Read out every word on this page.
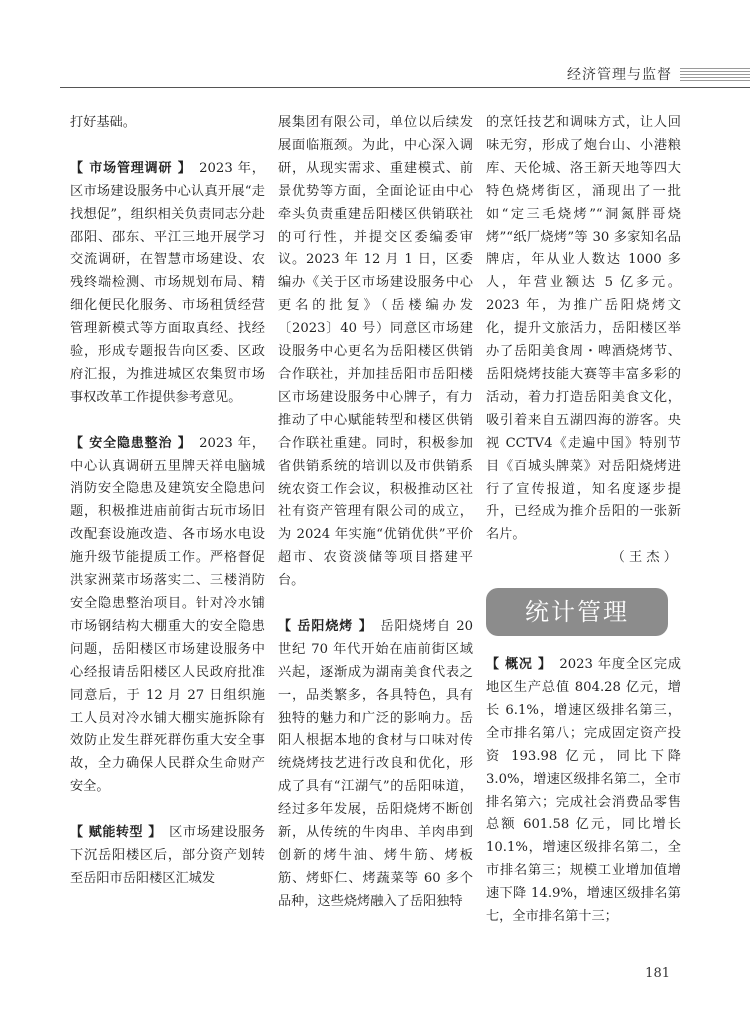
经济管理与监督

打好基础。

【 市场管理调研 】　 2023 年，区市场建设服务中心认真开展“走找想促”，组织相关负责同志分赴邵阳、邵东、平江三地开展学习交流调研，在智慧市场建设、农残终端检测、市场规划布局、精细化便民化服务、市场租赁经营管理新模式等方面取真经、找经验，形成专题报告向区委、区政府汇报，为推进城区农集贸市场事权改革工作提供参考意见。

【 安全隐患整治 】　 2023 年，中心认真调研五里牌天祥电脑城消防安全隐患及建筑安全隐患问题，积极推进庙前街古玩市场旧改配套设施改造、各市场水电设施升级节能提质工作。严格督促洪家洲菜市场落实二、三楼消防安全隐患整治项目。针对冷水铺市场钢结构大棚重大的安全隐患问题，岳阳楼区市场建设服务中心经报请岳阳楼区人民政府批准同意后，于 12 月 27 日组织施工人员对冷水铺大棚实施拆除有效防止发生群死群伤重大安全事故，全力确保人民群众生命财产安全。

【 赋能转型 】　 区市场建设服务下沉岳阳楼区后，部分资产划转至岳阳市岳阳楼区汇城发

展集团有限公司，单位以后续发展面临瓶颈。为此，中心深入调研，从现实需求、重建模式、前景优势等方面，全面论证由中心牵头负责重建岳阳楼区供销联社的可行性，并提交区委编委审议。2023 年 12 月 1 日，区委编办《关于区市场建设服务中心更名的批复》（岳楼编办发〔2023〕40 号）同意区市场建设服务中心更名为岳阳楼区供销合作联社，并加挂岳阳市岳阳楼区市场建设服务中心牌子，有力推动了中心赋能转型和楼区供销合作联社重建。同时，积极参加省供销系统的培训以及市供销系统农资工作会议，积极推动区社社有资产管理有限公司的成立，为 2024 年实施“优销优供”平价超市、农资淡储等项目搭建平台。

【 岳阳烧烤 】　 岳阳烧烤自 20 世纪 70 年代开始在庙前街区域兴起，逐渐成为湖南美食代表之一，品类繁多，各具特色，具有独特的魅力和广泛的影响力。岳阳人根据本地的食材与口味对传统烧烤技艺进行改良和优化，形成了具有“江湖气”的岳阳味道，经过多年发展，岳阳烧烤不断创新，从传统的牛肉串、羊肉串到创新的烤牛油、烤牛筋、烤板筋、烤虾仁、烤蔬菜等 60 多个品种，这些烧烤融入了岳阳独特

的烹饪技艺和调味方式，让人回味无穷，形成了炮台山、小港粮库、天伦城、洛王新天地等四大特色烧烤街区，涌现出了一批如“定三毛烧烤”“洞氮胖哥烧烤”“纸厂烧烤”等 30 多家知名品牌店，年从业人数达 1000 多人，年营业额达 5 亿多元。2023 年，为推广岳阳烧烤文化，提升文旅活力，岳阳楼区举办了岳阳美食周・啤酒烧烤节、岳阳烧烤技能大赛等丰富多彩的活动，着力打造岳阳美食文化，吸引着来自五湖四海的游客。央视 CCTV4《走遍中国》特别节目《百城头牌菜》对岳阳烧烤进行了宣传报道，知名度逐步提升，已经成为推介岳阳的一张新名片。

（ 王 杰 ）

统计管理

【 概况 】　 2023 年度全区完成地区生产总值 804.28 亿元，增长 6.1%，增速区级排名第三，全市排名第八；完成固定资产投资 193.98 亿元，同比下降 3.0%，增速区级排名第二，全市排名第六；完成社会消费品零售总额 601.58 亿元，同比增长 10.1%，增速区级排名第二，全市排名第三；规模工业增加值增速下降 14.9%，增速区级排名第七，全市排名第十三；

181
